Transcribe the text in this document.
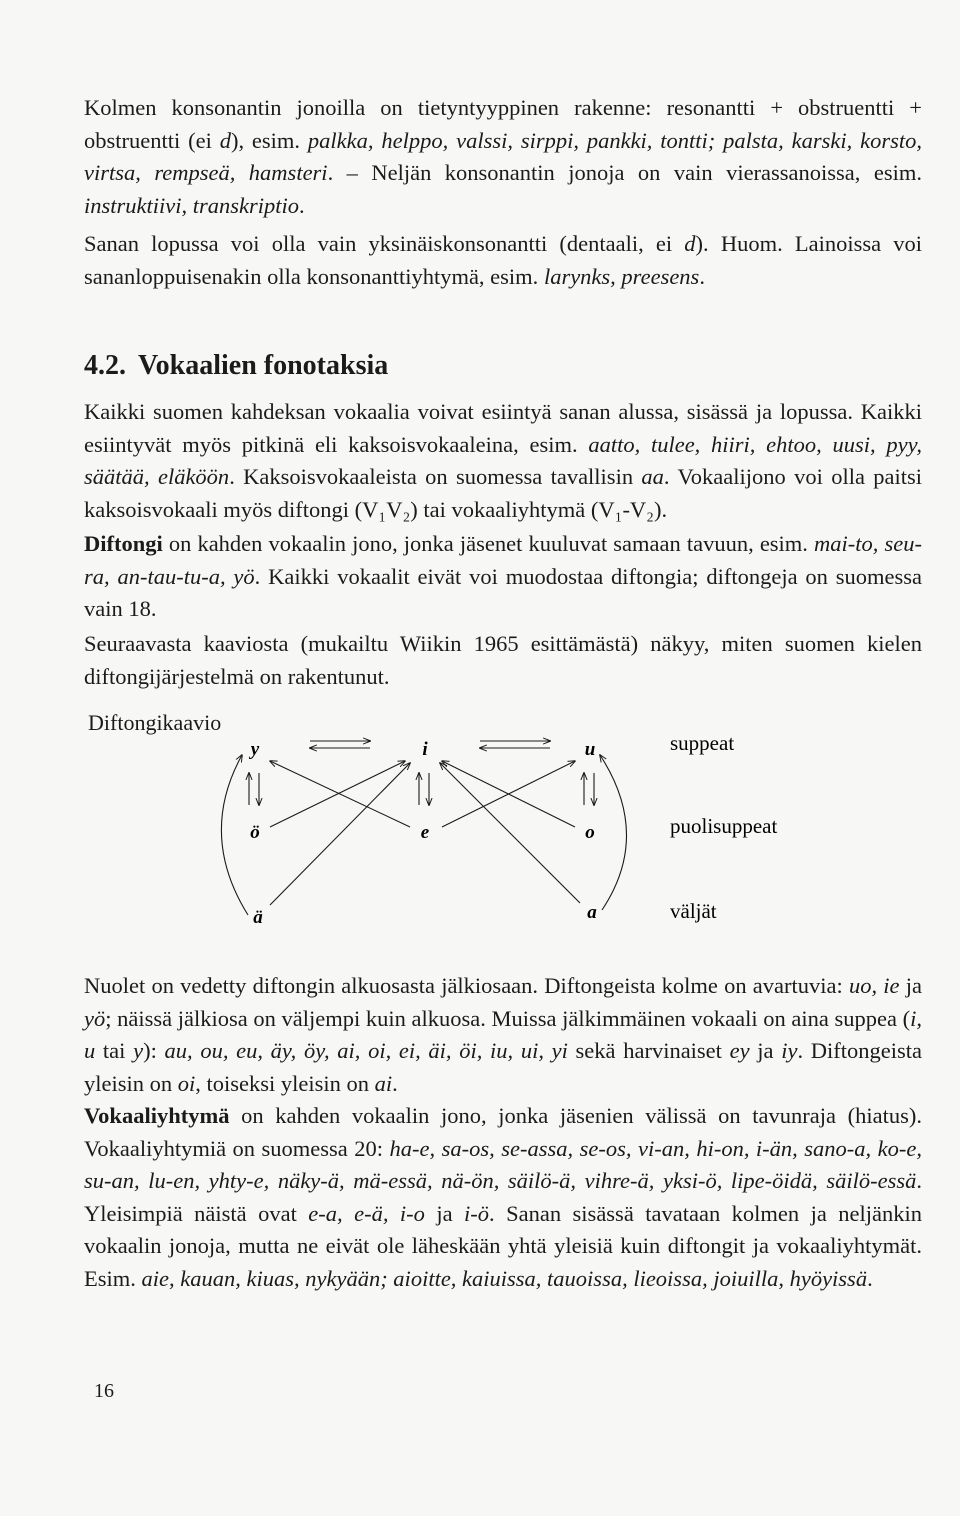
Kolmen konsonantin jonoilla on tietyntyyppinen rakenne: resonantti + obstruentti + obstruentti (ei d), esim. palkka, helppo, valssi, sirppi, pankki, tontti; palsta, karski, korsto, virtsa, rempseä, hamsteri. – Neljän konsonantin jonoja on vain vierassanoissa, esim. instruktiivi, transkriptio.

Sanan lopussa voi olla vain yksinäiskonsonantti (dentaali, ei d). Huom. Lainoissa voi sananloppuisenakin olla konsonanttiyhtymä, esim. larynks, preesens.

4.2. Vokaalien fonotaksia

Kaikki suomen kahdeksan vokaalia voivat esiintyä sanan alussa, sisässä ja lopussa. Kaikki esiintyvät myös pitkinä eli kaksoisvokaaleina, esim. aatto, tulee, hiiri, ehtoo, uusi, pyy, säätää, eläköön. Kaksoisvokaaleista on suomessa tavallisin aa. Vokaalijono voi olla paitsi kaksoisvokaali myös diftongi (V₁V₂) tai vokaaliyhtymä (V₁-V₂).

Diftongi on kahden vokaalin jono, jonka jäsenet kuuluvat samaan tavuun, esim. mai-to, seu-ra, an-tau-tu-a, yö. Kaikki vokaalit eivät voi muodostaa diftongia; diftongeja on suomessa vain 18.

Seuraavasta kaaviosta (mukailtu Wiikin 1965 esittämästä) näkyy, miten suomen kielen diftongijärjestelmä on rakentunut.

Diftongikaavio

y	i	u
ö	e	o
ä	a
suppeat
puolisuppeat
väljät

Nuolet on vedetty diftongin alkuosasta jälkiosaan. Diftongeista kolme on avartuvia: uo, ie ja yö; näissä jälkiosa on väljempi kuin alkuosa. Muissa jälkimmäinen vokaali on aina suppea (i, u tai y): au, ou, eu, äy, öy, ai, oi, ei, äi, öi, iu, ui, yi sekä harvinaiset ey ja iy. Diftongeista yleisin on oi, toiseksi yleisin on ai.

Vokaaliyhtymä on kahden vokaalin jono, jonka jäsenien välissä on tavunraja (hiatus). Vokaaliyhtymiä on suomessa 20: ha-e, sa-os, se-assa, se-os, vi-an, hi-on, i-än, sano-a, ko-e, su-an, lu-en, yhty-e, näky-ä, mä-essä, nä-ön, säilö-ä, vihre-ä, yksi-ö, lipe-öidä, säilö-essä. Yleisimpiä näistä ovat e-a, e-ä, i-o ja i-ö. Sanan sisässä tavataan kolmen ja neljänkin vokaalin jonoja, mutta ne eivät ole läheskään yhtä yleisiä kuin diftongit ja vokaaliyhtymät. Esim. aie, kauan, kiuas, nykyään; aioitte, kaiuissa, tauoissa, lieoissa, joiuilla, hyöyissä.

16
